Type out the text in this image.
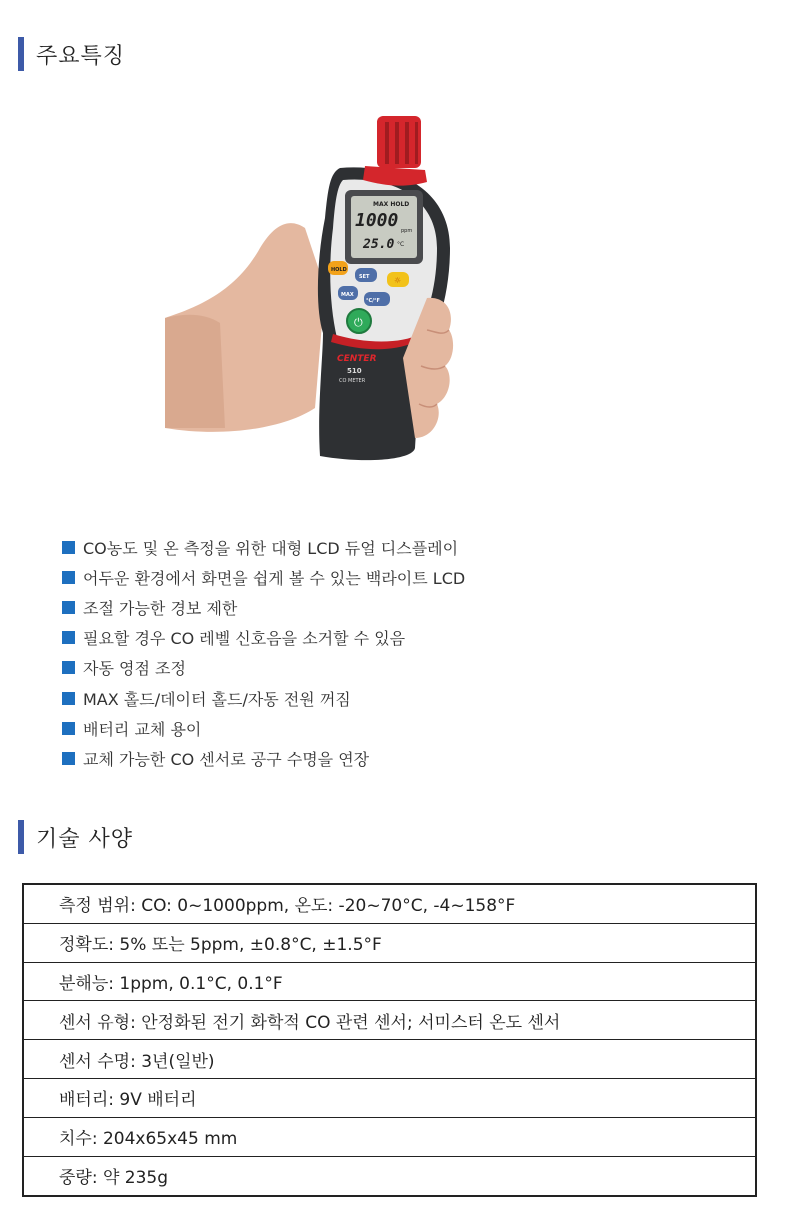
주요특징
MAX HOLD
1000 ppm
25.0 °C
HOLD
SET	☼
MAX
°C/°F
⏻
CENTER
510
CO METER
CO농도 및 온 측정을 위한 대형 LCD 듀얼 디스플레이
어두운 환경에서 화면을 쉽게 볼 수 있는 백라이트 LCD
조절 가능한 경보 제한
필요할 경우 CO 레벨 신호음을 소거할 수 있음
자동 영점 조정
MAX 홀드/데이터 홀드/자동 전원 꺼짐
배터리 교체 용이
교체 가능한 CO 센서로 공구 수명을 연장
기술 사양
측정 범위: CO: 0~1000ppm, 온도: -20~70°C, -4~158°F
정확도: 5% 또는 5ppm, ±0.8°C, ±1.5°F
분해능: 1ppm, 0.1°C, 0.1°F
센서 유형: 안정화된 전기 화학적 CO 관련 센서; 서미스터 온도 센서
센서 수명: 3년(일반)
배터리: 9V 배터리
치수: 204x65x45 mm
중량: 약 235g
